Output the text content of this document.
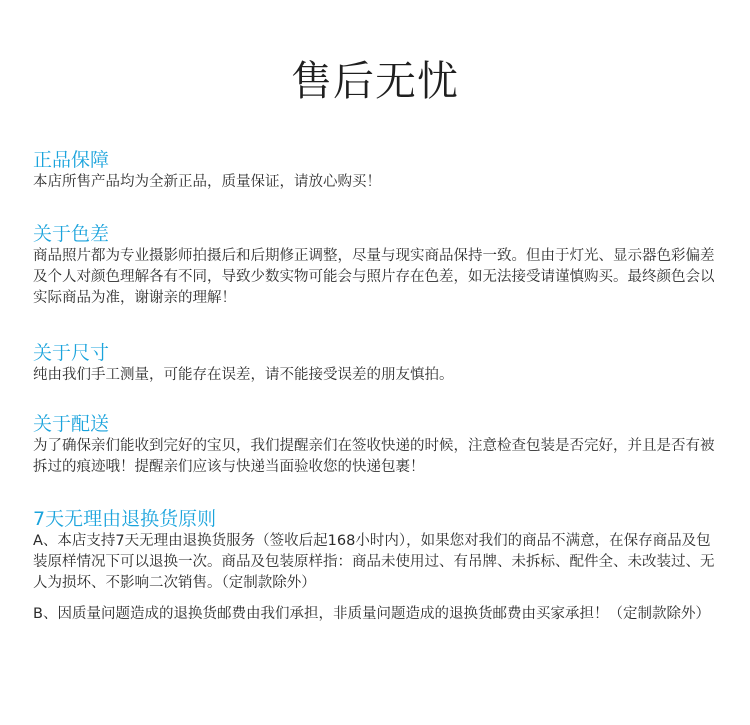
售后无忧
正品保障

本店所售产品均为全新正品，质量保证，请放心购买！

关于色差

商品照片都为专业摄影师拍摄后和后期修正调整，尽量与现实商品保持一致。但由于灯光、显示器色彩偏差及个人对颜色理解各有不同，导致少数实物可能会与照片存在色差，如无法接受请谨慎购买。最终颜色会以实际商品为准，谢谢亲的理解！

关于尺寸

纯由我们手工测量，可能存在误差，请不能接受误差的朋友慎拍。

关于配送

为了确保亲们能收到完好的宝贝，我们提醒亲们在签收快递的时候，注意检查包装是否完好，并且是否有被拆过的痕迹哦！提醒亲们应该与快递当面验收您的快递包裹！

7天无理由退换货原则

A、本店支持7天无理由退换货服务（签收后起168小时内），如果您对我们的商品不满意，在保存商品及包装原样情况下可以退换一次。商品及包装原样指：商品未使用过、有吊牌、未拆标、配件全、未改装过、无人为损坏、不影响二次销售。（定制款除外）

B、因质量问题造成的退换货邮费由我们承担，非质量问题造成的退换货邮费由买家承担！（定制款除外）
